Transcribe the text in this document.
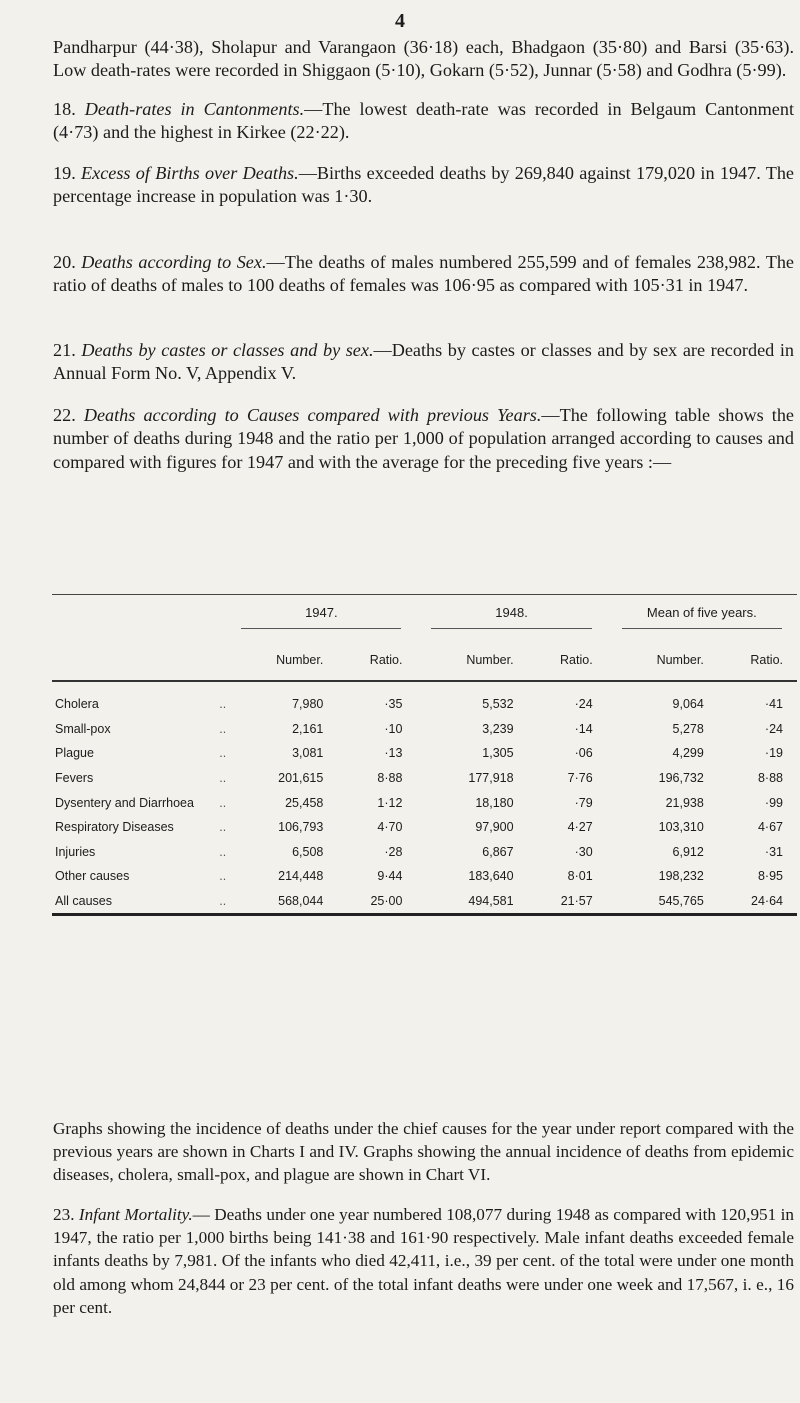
4

Pandharpur (44·38), Sholapur and Varangaon (36·18) each, Bhadgaon (35·80) and Barsi (35·63). Low death-rates were recorded in Shiggaon (5·10), Gokarn (5·52), Junnar (5·58) and Godhra (5·99).

18. Death-rates in Cantonments.—The lowest death-rate was recorded in Belgaum Cantonment (4·73) and the highest in Kirkee (22·22).

19. Excess of Births over Deaths.—Births exceeded deaths by 269,840 against 179,020 in 1947. The percentage increase in population was 1·30.

20. Deaths according to Sex.—The deaths of males numbered 255,599 and of females 238,982. The ratio of deaths of males to 100 deaths of females was 106·95 as compared with 105·31 in 1947.

21. Deaths by castes or classes and by sex.—Deaths by castes or classes and by sex are recorded in Annual Form No. V, Appendix V.

22. Deaths according to Causes compared with previous Years.—The following table shows the number of deaths during 1948 and the ratio per 1,000 of population arranged according to causes and compared with figures for 1947 and with the average for the preceding five years :—

	1947.		1948.		Mean of five years.	

	Number.	Ratio.	Number.	Ratio.	Number.	Ratio.
Cholera ..	7,980	·35	5,532	·24	9,064	·41
Small-pox ..	2,161	·10	3,239	·14	5,278	·24
Plague ..	3,081	·13	1,305	·06	4,299	·19
Fevers ..	201,615	8·88	177,918	7·76	196,732	8·88
Dysentery and Diarrhoea ..	25,458	1·12	18,180	·79	21,938	·99
Respiratory Diseases ..	106,793	4·70	97,900	4·27	103,310	4·67
Injuries ..	6,508	·28	6,867	·30	6,912	·31
Other causes ..	214,448	9·44	183,640	8·01	198,232	8·95
All causes ..	568,044	25·00	494,581	21·57	545,765	24·64

Graphs showing the incidence of deaths under the chief causes for the year under report compared with the previous years are shown in Charts I and IV. Graphs showing the annual incidence of deaths from epidemic diseases, cholera, small-pox, and plague are shown in Chart VI.

23. Infant Mortality.— Deaths under one year numbered 108,077 during 1948 as compared with 120,951 in 1947, the ratio per 1,000 births being 141·38 and 161·90 respectively. Male infant deaths exceeded female infants deaths by 7,981. Of the infants who died 42,411, i.e., 39 per cent. of the total were under one month old among whom 24,844 or 23 per cent. of the total infant deaths were under one week and 17,567, i. e., 16 per cent.
